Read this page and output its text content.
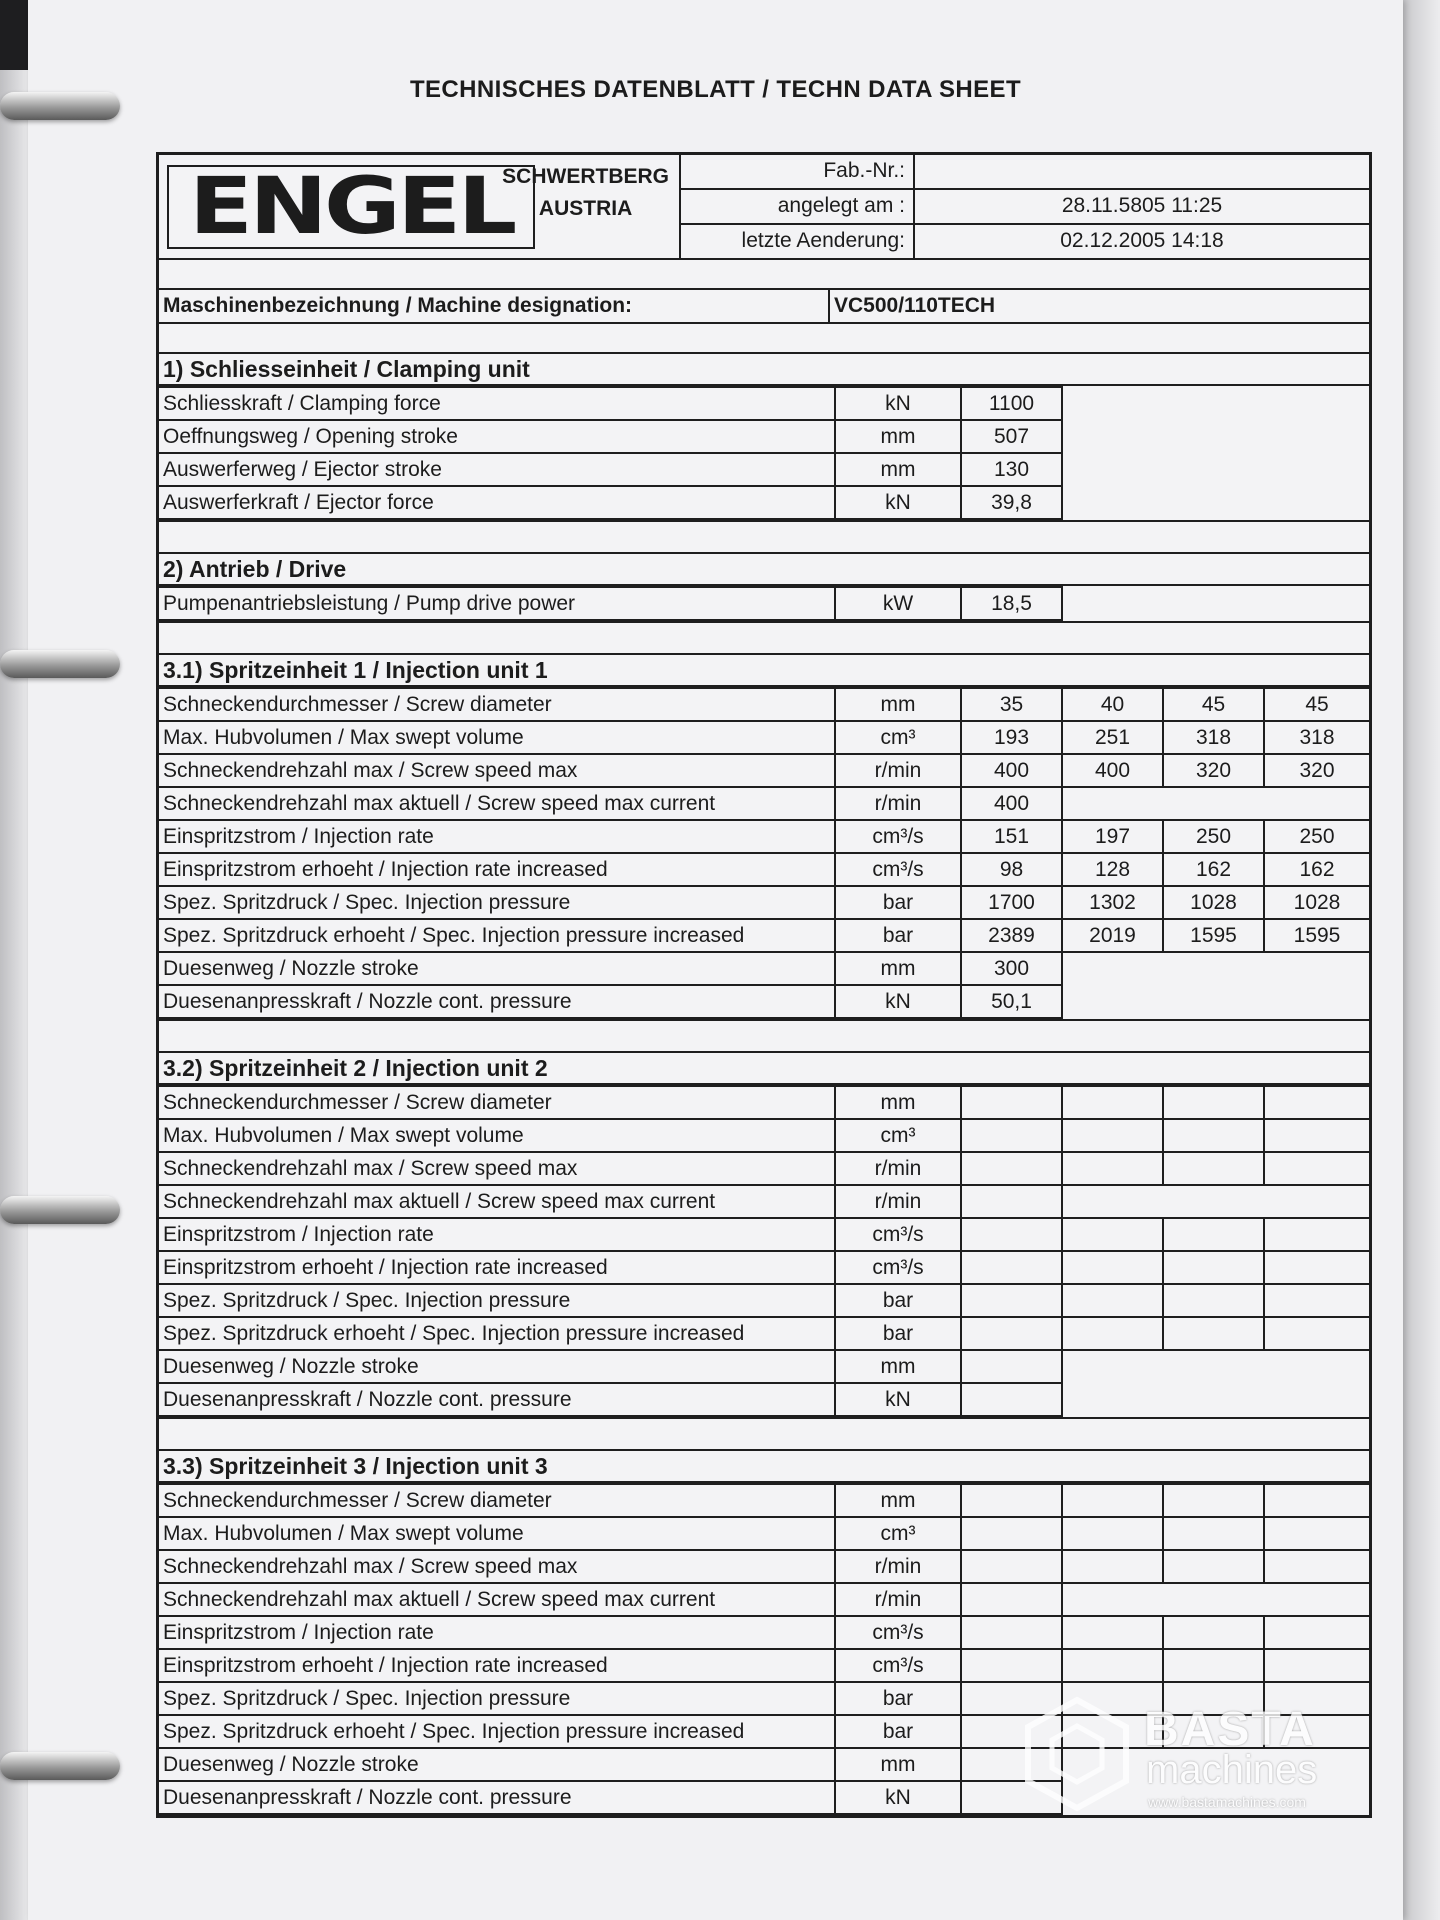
TECHNISCHES DATENBLATT / TECHN DATA SHEET
ENGEL
SCHWERTBERG
AUSTRIA
Fab.-Nr.:
angelegt am :	28.11.5805 11:25
letzte Aenderung:	02.12.2005 14:18
Maschinenbezeichnung / Machine designation:	VC500/110TECH
1) Schliesseinheit / Clamping unit
Schliesskraft / Clamping force	kN	1100	
Oeffnungsweg / Opening stroke	mm	507	
Auswerferweg / Ejector stroke	mm	130	
Auswerferkraft / Ejector force	kN	39,8	
2) Antrieb / Drive
Pumpenantriebsleistung / Pump drive power	kW	18,5	
3.1) Spritzeinheit 1 / Injection unit 1
Schneckendurchmesser / Screw diameter	mm	35	40	45	45
Max. Hubvolumen / Max swept volume	cm³	193	251	318	318
Schneckendrehzahl max / Screw speed max	r/min	400	400	320	320
Schneckendrehzahl max aktuell / Screw speed max current	r/min	400			
Einspritzstrom / Injection rate	cm³/s	151	197	250	250
Einspritzstrom erhoeht / Injection rate increased	cm³/s	98	128	162	162
Spez. Spritzdruck / Spec. Injection pressure	bar	1700	1302	1028	1028
Spez. Spritzdruck erhoeht / Spec. Injection pressure increased	bar	2389	2019	1595	1595
Duesenweg / Nozzle stroke	mm	300			
Duesenanpresskraft / Nozzle cont. pressure	kN	50,1			
3.2) Spritzeinheit 2 / Injection unit 2
Schneckendurchmesser / Screw diameter	mm				
Max. Hubvolumen / Max swept volume	cm³				
Schneckendrehzahl max / Screw speed max	r/min				
Schneckendrehzahl max aktuell / Screw speed max current	r/min				
Einspritzstrom / Injection rate	cm³/s				
Einspritzstrom erhoeht / Injection rate increased	cm³/s				
Spez. Spritzdruck / Spec. Injection pressure	bar				
Spez. Spritzdruck erhoeht / Spec. Injection pressure increased	bar				
Duesenweg / Nozzle stroke	mm				
Duesenanpresskraft / Nozzle cont. pressure	kN				
3.3) Spritzeinheit 3 / Injection unit 3
Schneckendurchmesser / Screw diameter	mm				
Max. Hubvolumen / Max swept volume	cm³				
Schneckendrehzahl max / Screw speed max	r/min				
Schneckendrehzahl max aktuell / Screw speed max current	r/min				
Einspritzstrom / Injection rate	cm³/s				
Einspritzstrom erhoeht / Injection rate increased	cm³/s				
Spez. Spritzdruck / Spec. Injection pressure	bar				
Spez. Spritzdruck erhoeht / Spec. Injection pressure increased	bar				
Duesenweg / Nozzle stroke	mm				
Duesenanpresskraft / Nozzle cont. pressure	kN				
BASTA
machines
www.bastamachines.com
